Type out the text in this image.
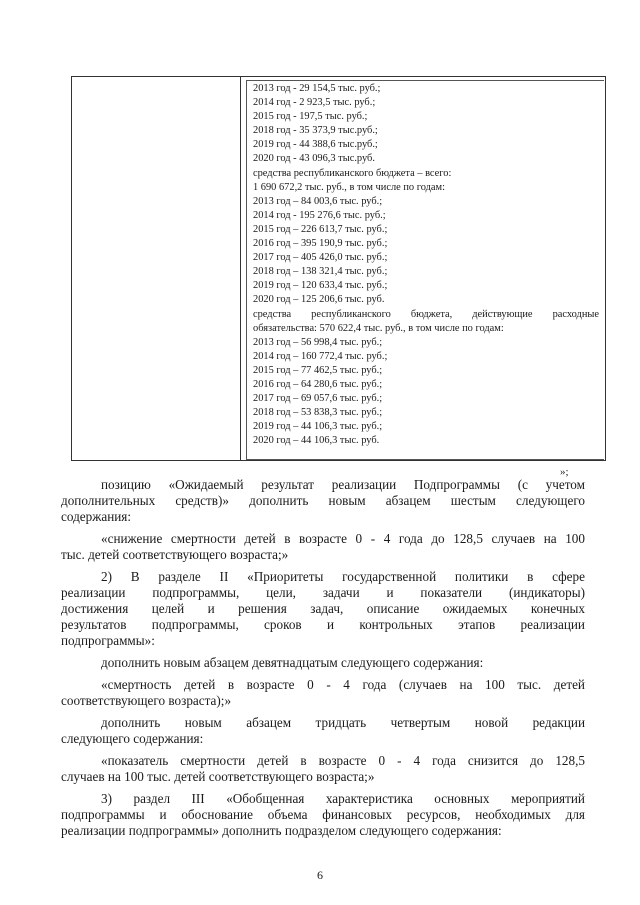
2013 год - 29 154,5 тыс. руб.;
2014 год - 2 923,5 тыс. руб.;
2015 год - 197,5 тыс. руб.;
2018 год - 35 373,9 тыс.руб.;
2019 год - 44 388,6 тыс.руб.;
2020 год - 43 096,3 тыс.руб.
средства республиканского бюджета – всего:
1 690 672,2 тыс. руб., в том числе по годам:
2013 год – 84 003,6 тыс. руб.;
2014 год - 195 276,6 тыс. руб.;
2015 год – 226 613,7 тыс. руб.;
2016 год – 395 190,9 тыс. руб.;
2017 год – 405 426,0 тыс. руб.;
2018 год – 138 321,4 тыс. руб.;
2019 год – 120 633,4 тыс. руб.;
2020 год – 125 206,6 тыс. руб.
средства республиканского бюджета, действующие расходные
обязательства: 570 622,4 тыс. руб., в том числе по годам:
2013 год – 56 998,4 тыс. руб.;
2014 год – 160 772,4 тыс. руб.;
2015 год – 77 462,5 тыс. руб.;
2016 год – 64 280,6 тыс. руб.;
2017 год – 69 057,6 тыс. руб.;
2018 год – 53 838,3 тыс. руб.;
2019 год – 44 106,3 тыс. руб.;
2020 год – 44 106,3 тыс. руб.
»;
позицию «Ожидаемый результат реализации Подпрограммы (с учетом
дополнительных средств)» дополнить новым абзацем шестым следующего
содержания:
«снижение смертности детей в возрасте 0 - 4 года до 128,5 случаев на 100
тыс. детей соответствующего возраста;»
2) В разделе II «Приоритеты государственной политики в сфере
реализации подпрограммы, цели, задачи и показатели (индикаторы)
достижения целей и решения задач, описание ожидаемых конечных
результатов подпрограммы, сроков и контрольных этапов реализации
подпрограммы»:
дополнить новым абзацем девятнадцатым следующего содержания:
«смертность детей в возрасте 0 - 4 года (случаев на 100 тыс. детей
соответствующего возраста);»
дополнить новым абзацем тридцать четвертым новой редакции
следующего содержания:
«показатель смертности детей в возрасте 0 - 4 года снизится до 128,5
случаев на 100 тыс. детей соответствующего возраста;»
3) раздел III «Обобщенная характеристика основных мероприятий
подпрограммы и обоснование объема финансовых ресурсов, необходимых для
реализации подпрограммы» дополнить подразделом следующего содержания:
6
